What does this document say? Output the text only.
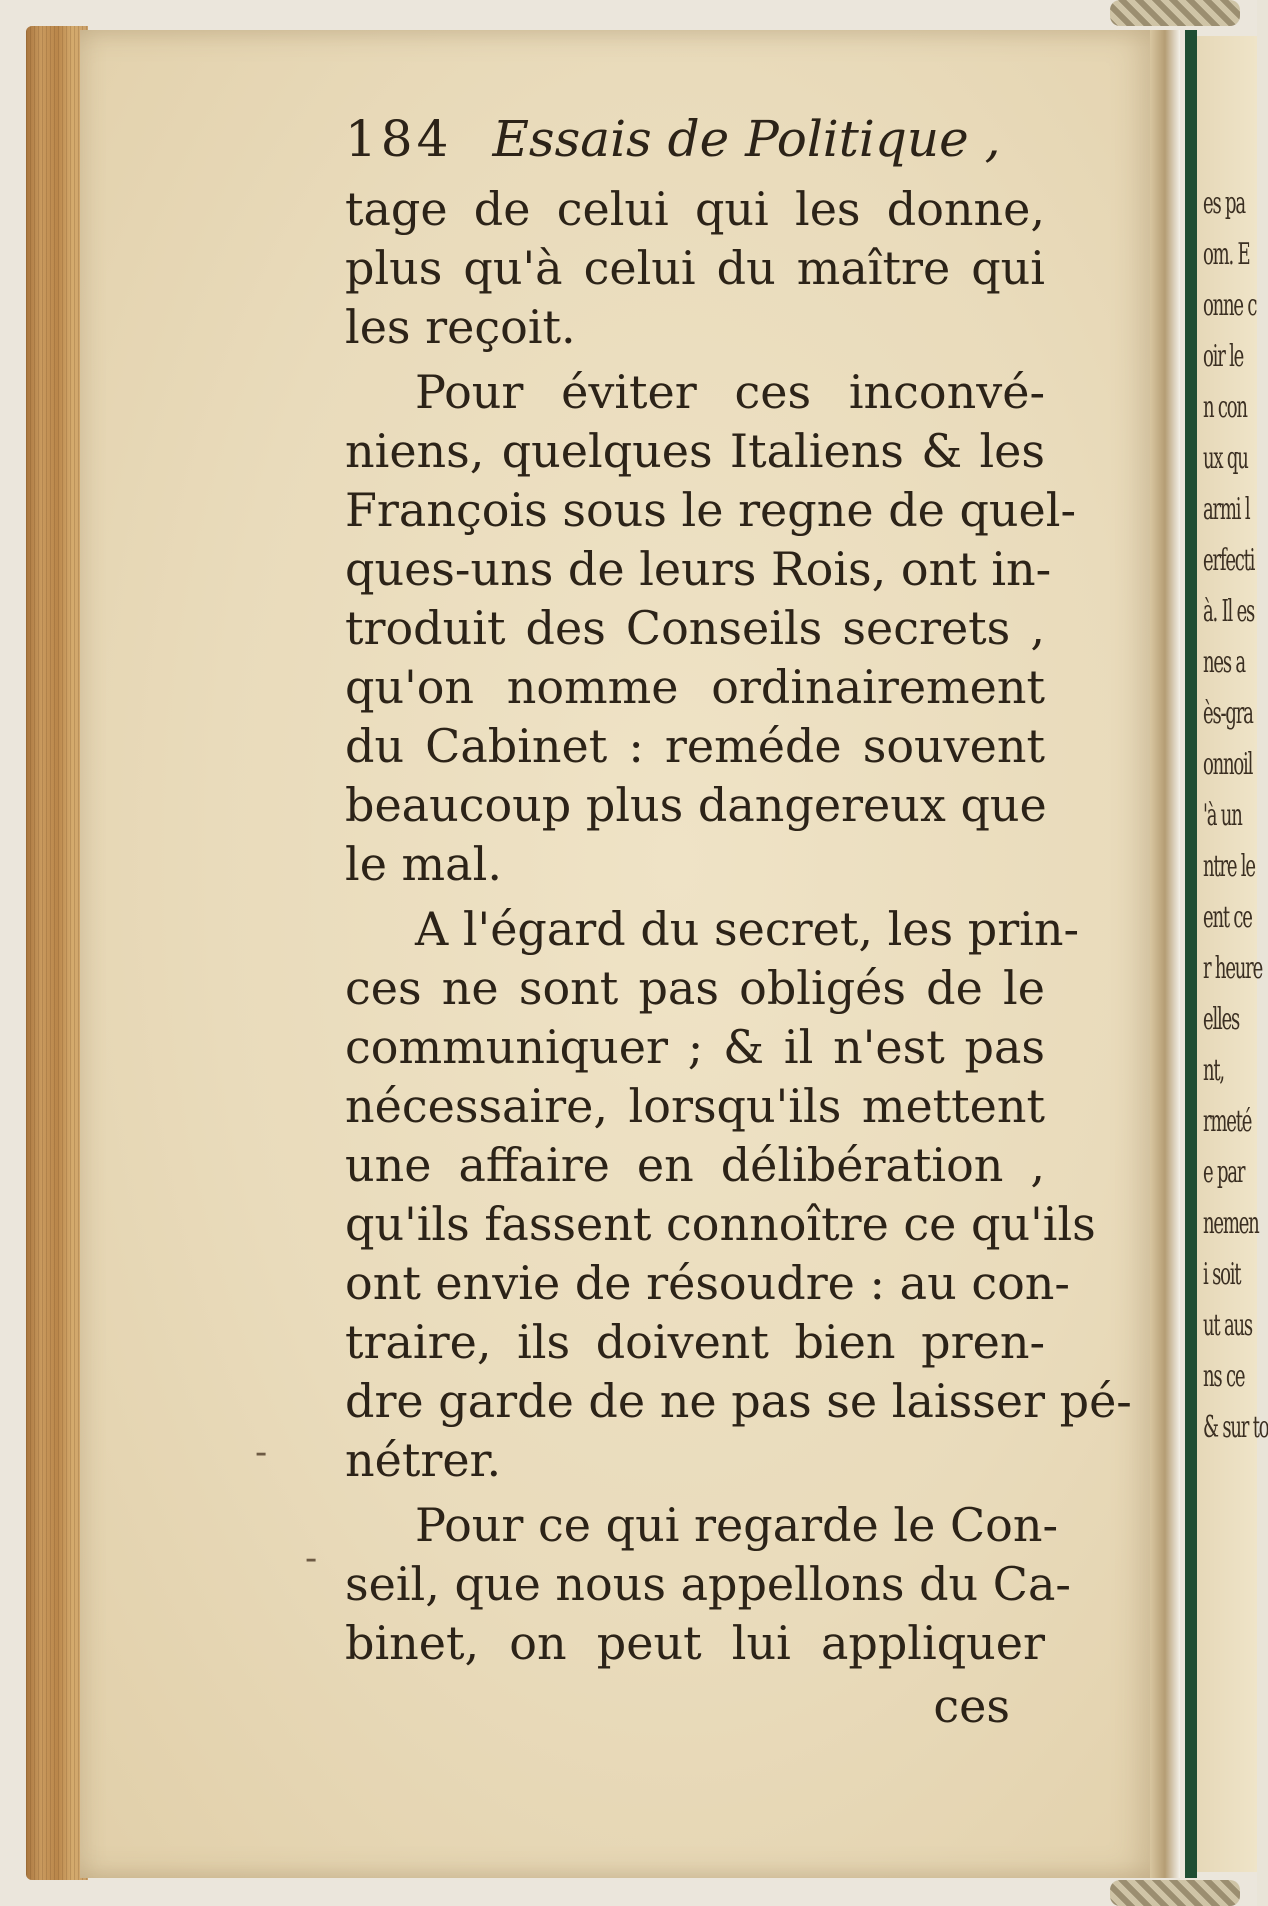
es pa
om. E
onne c
oir le
n con
ux qu
armi l
erfecti
à. Il es
nes a
ès-gra
onnoil
'à un
ntre le
ent ce
r heure
elles
nt,
rmeté
e par
nemen
i soit
ut aus
ns ce
& sur to
-
-
184 Essais de Politique ,
tage de celui qui les donne,
plus qu'à celui du maître qui
les reçoit.
Pour éviter ces inconvé-
niens, quelques Italiens & les
François sous le regne de quel-
ques-uns de leurs Rois, ont in-
troduit des Conseils secrets ,
qu'on nomme ordinairement
du Cabinet : reméde souvent
beaucoup plus dangereux que
le mal.
A l'égard du secret, les prin-
ces ne sont pas obligés de le
communiquer ; & il n'est pas
nécessaire, lorsqu'ils mettent
une affaire en délibération ,
qu'ils fassent connoître ce qu'ils
ont envie de résoudre : au con-
traire, ils doivent bien pren-
dre garde de ne pas se laisser pé-
nétrer.
Pour ce qui regarde le Con-
seil, que nous appellons du Ca-
binet, on peut lui appliquer
ces
